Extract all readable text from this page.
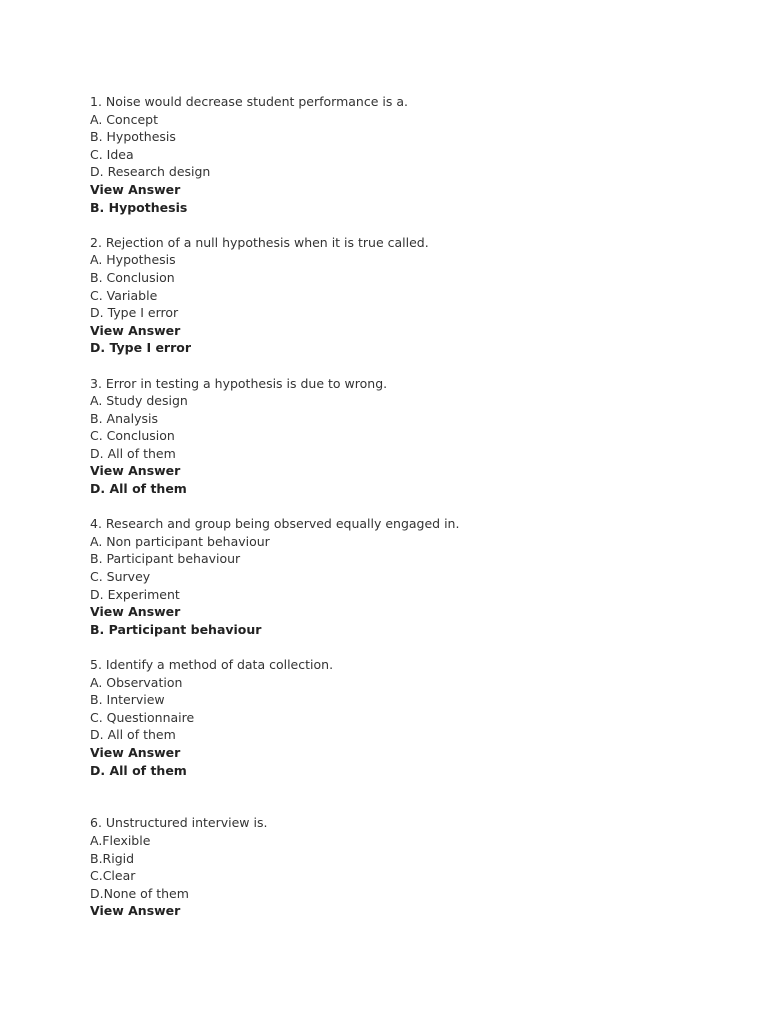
1. Noise would decrease student performance is a.
A. Concept
B. Hypothesis
C. Idea
D. Research design
View Answer
B. Hypothesis
2. Rejection of a null hypothesis when it is true called.
A. Hypothesis
B. Conclusion
C. Variable
D. Type I error
View Answer
D. Type I error
3. Error in testing a hypothesis is due to wrong.
A. Study design
B. Analysis
C. Conclusion
D. All of them
View Answer
D. All of them
4. Research and group being observed equally engaged in.
A. Non participant behaviour
B. Participant behaviour
C. Survey
D. Experiment
View Answer
B. Participant behaviour
5. Identify a method of data collection.
A. Observation
B. Interview
C. Questionnaire
D. All of them
View Answer
D. All of them
6. Unstructured interview is.
A.Flexible
B.Rigid
C.Clear
D.None of them
View Answer
